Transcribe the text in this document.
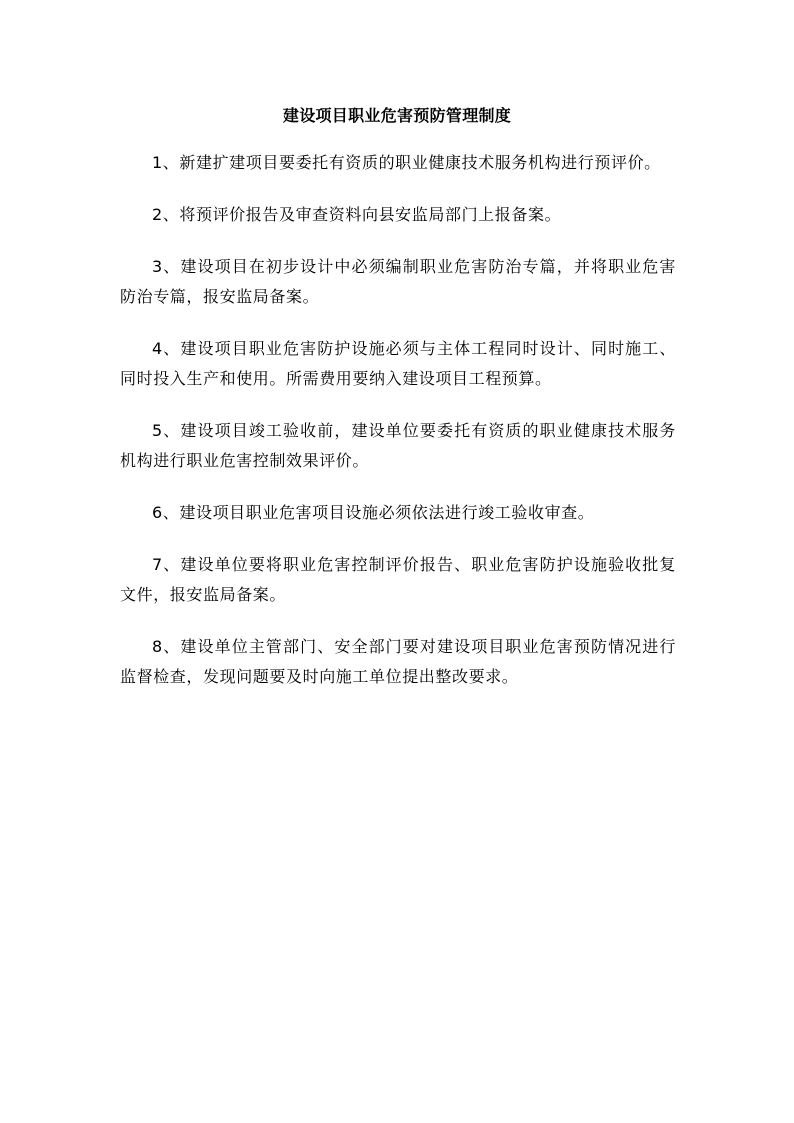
建设项目职业危害预防管理制度

1、新建扩建项目要委托有资质的职业健康技术服务机构进行预评价。

2、将预评价报告及审查资料向县安监局部门上报备案。

3、建设项目在初步设计中必须编制职业危害防治专篇，并将职业危害防治专篇，报安监局备案。

4、建设项目职业危害防护设施必须与主体工程同时设计、同时施工、同时投入生产和使用。所需费用要纳入建设项目工程预算。

5、建设项目竣工验收前，建设单位要委托有资质的职业健康技术服务机构进行职业危害控制效果评价。

6、建设项目职业危害项目设施必须依法进行竣工验收审查。

7、建设单位要将职业危害控制评价报告、职业危害防护设施验收批复文件，报安监局备案。

8、建设单位主管部门、安全部门要对建设项目职业危害预防情况进行监督检查，发现问题要及时向施工单位提出整改要求。
